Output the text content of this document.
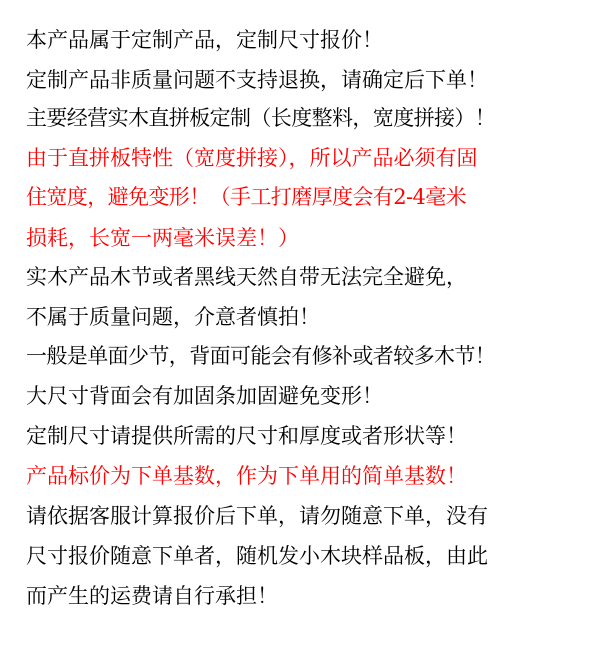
本产品属于定制产品，定制尺寸报价！

定制产品非质量问题不支持退换，请确定后下单！

主要经营实木直拼板定制（长度整料，宽度拼接）！

由于直拼板特性（宽度拼接），所以产品必须有固

住宽度，避免变形！（手工打磨厚度会有2-4毫米

损耗，长宽一两毫米误差！）

实木产品木节或者黑线天然自带无法完全避免，

不属于质量问题，介意者慎拍！

一般是单面少节，背面可能会有修补或者较多木节！

大尺寸背面会有加固条加固避免变形！

定制尺寸请提供所需的尺寸和厚度或者形状等！

产品标价为下单基数，作为下单用的简单基数！

请依据客服计算报价后下单，请勿随意下单，没有

尺寸报价随意下单者，随机发小木块样品板，由此

而产生的运费请自行承担！
